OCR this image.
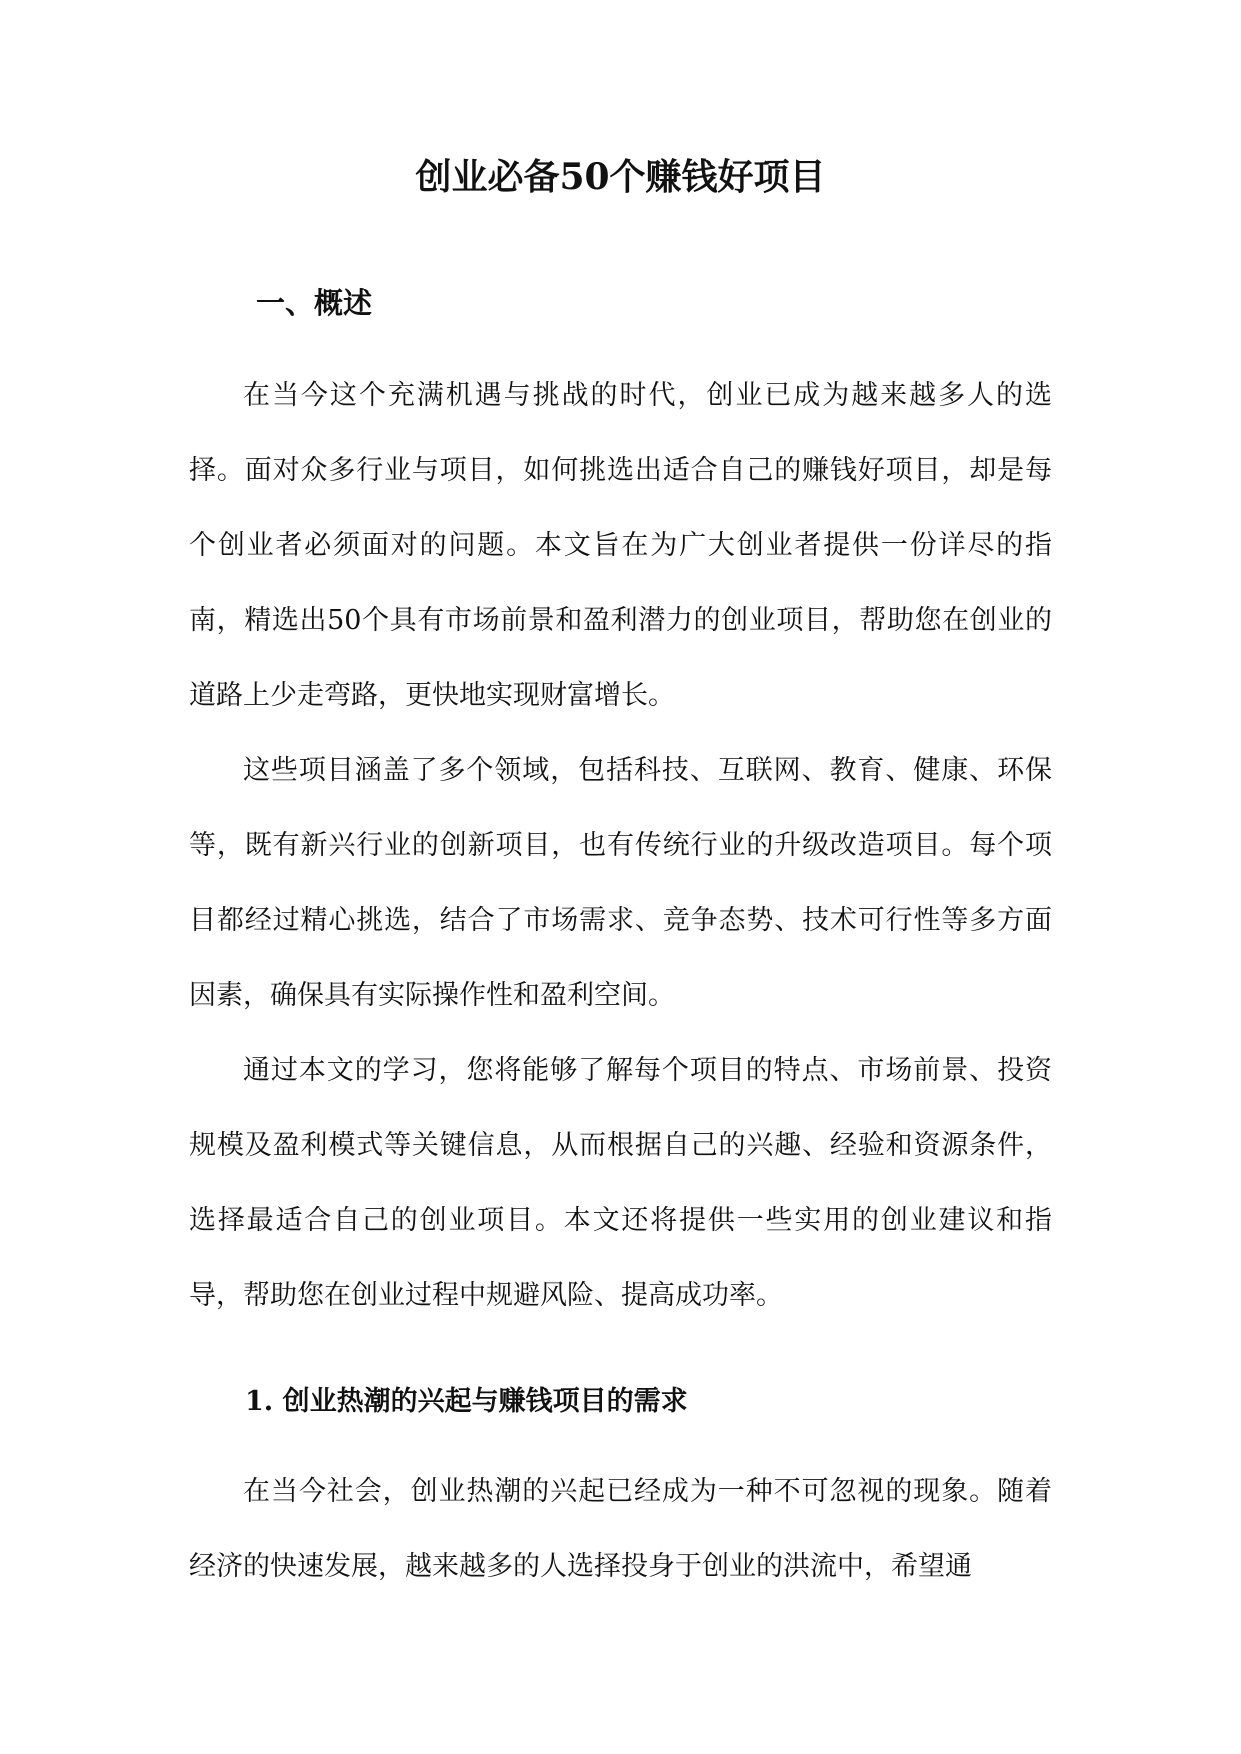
创业必备50个赚钱好项目
一、概述

在当今这个充满机遇与挑战的时代，创业已成为越来越多人的选择。面对众多行业与项目，如何挑选出适合自己的赚钱好项目，却是每个创业者必须面对的问题。本文旨在为广大创业者提供一份详尽的指南，精选出50个具有市场前景和盈利潜力的创业项目，帮助您在创业的道路上少走弯路，更快地实现财富增长。

这些项目涵盖了多个领域，包括科技、互联网、教育、健康、环保等，既有新兴行业的创新项目，也有传统行业的升级改造项目。每个项目都经过精心挑选，结合了市场需求、竞争态势、技术可行性等多方面因素，确保具有实际操作性和盈利空间。

通过本文的学习，您将能够了解每个项目的特点、市场前景、投资规模及盈利模式等关键信息，从而根据自己的兴趣、经验和资源条件，选择最适合自己的创业项目。本文还将提供一些实用的创业建议和指导，帮助您在创业过程中规避风险、提高成功率。

1. 创业热潮的兴起与赚钱项目的需求

在当今社会，创业热潮的兴起已经成为一种不可忽视的现象。随着经济的快速发展，越来越多的人选择投身于创业的洪流中，希望通
